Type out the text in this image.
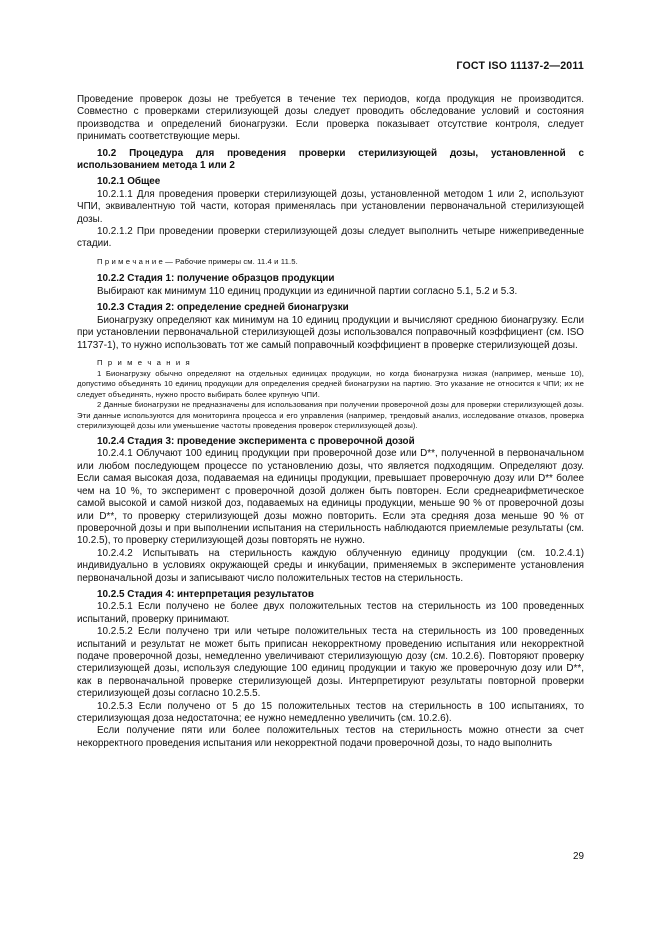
ГОСТ ISO 11137-2—2011

Проведение проверок дозы не требуется в течение тех периодов, когда продукция не производится. Совместно с проверками стерилизующей дозы следует проводить обследование условий и состояния производства и определений бионагрузки. Если проверка показывает отсутствие контроля, следует принимать соответствующие меры.

10.2 Процедура для проведения проверки стерилизующей дозы, установленной с использованием метода 1 или 2

10.2.1 Общее

10.2.1.1 Для проведения проверки стерилизующей дозы, установленной методом 1 или 2, используют ЧПИ, эквивалентную той части, которая применялась при установлении первоначальной стерилизующей дозы.

10.2.1.2 При проведении проверки стерилизующей дозы следует выполнить четыре нижеприведенные стадии.

П р и м е ч а н и е — Рабочие примеры см. 11.4 и 11.5.

10.2.2 Стадия 1: получение образцов продукции

Выбирают как минимум 110 единиц продукции из единичной партии согласно 5.1, 5.2 и 5.3.

10.2.3 Стадия 2: определение средней бионагрузки

Бионагрузку определяют как минимум на 10 единиц продукции и вычисляют среднюю бионагрузку. Если при установлении первоначальной стерилизующей дозы использовался поправочный коэффициент (см. ISO 11737-1), то нужно использовать тот же самый поправочный коэффициент в проверке стерилизующей дозы.

П р и м е ч а н и я

1 Бионагрузку обычно определяют на отдельных единицах продукции, но когда бионагрузка низкая (например, меньше 10), допустимо объединять 10 единиц продукции для определения средней бионагрузки на партию. Это указание не относится к ЧПИ; их не следует объединять, нужно просто выбирать более крупную ЧПИ.

2 Данные бионагрузки не предназначены для использования при получении проверочной дозы для проверки стерилизующей дозы. Эти данные используются для мониторинга процесса и его управления (например, трендовый анализ, исследование отказов, проверка стерилизующей дозы или уменьшение частоты проведения проверок стерилизующей дозы).

10.2.4 Стадия 3: проведение эксперимента с проверочной дозой

10.2.4.1 Облучают 100 единиц продукции при проверочной дозе или D**, полученной в первоначальном или любом последующем процессе по установлению дозы, что является подходящим. Определяют дозу. Если самая высокая доза, подаваемая на единицы продукции, превышает проверочную дозу или D** более чем на 10 %, то эксперимент с проверочной дозой должен быть повторен. Если среднеарифметическое самой высокой и самой низкой доз, подаваемых на единицы продукции, меньше 90 % от проверочной дозы или D**, то проверку стерилизующей дозы можно повторить. Если эта средняя доза меньше 90 % от проверочной дозы и при выполнении испытания на стерильность наблюдаются приемлемые результаты (см. 10.2.5), то проверку стерилизующей дозы повторять не нужно.

10.2.4.2 Испытывать на стерильность каждую облученную единицу продукции (см. 10.2.4.1) индивидуально в условиях окружающей среды и инкубации, применяемых в эксперименте установления первоначальной дозы и записывают число положительных тестов на стерильность.

10.2.5 Стадия 4: интерпретация результатов

10.2.5.1 Если получено не более двух положительных тестов на стерильность из 100 проведенных испытаний, проверку принимают.

10.2.5.2 Если получено три или четыре положительных теста на стерильность из 100 проведенных испытаний и результат не может быть приписан некорректному проведению испытания или некорректной подаче проверочной дозы, немедленно увеличивают стерилизующую дозу (см. 10.2.6). Повторяют проверку стерилизующей дозы, используя следующие 100 единиц продукции и такую же проверочную дозу или D**, как в первоначальной проверке стерилизующей дозы. Интерпретируют результаты повторной проверки стерилизующей дозы согласно 10.2.5.5.

10.2.5.3 Если получено от 5 до 15 положительных тестов на стерильность в 100 испытаниях, то стерилизующая доза недостаточна; ее нужно немедленно увеличить (см. 10.2.6).

Если получение пяти или более положительных тестов на стерильность можно отнести за счет некорректного проведения испытания или некорректной подачи проверочной дозы, то надо выполнить

29
